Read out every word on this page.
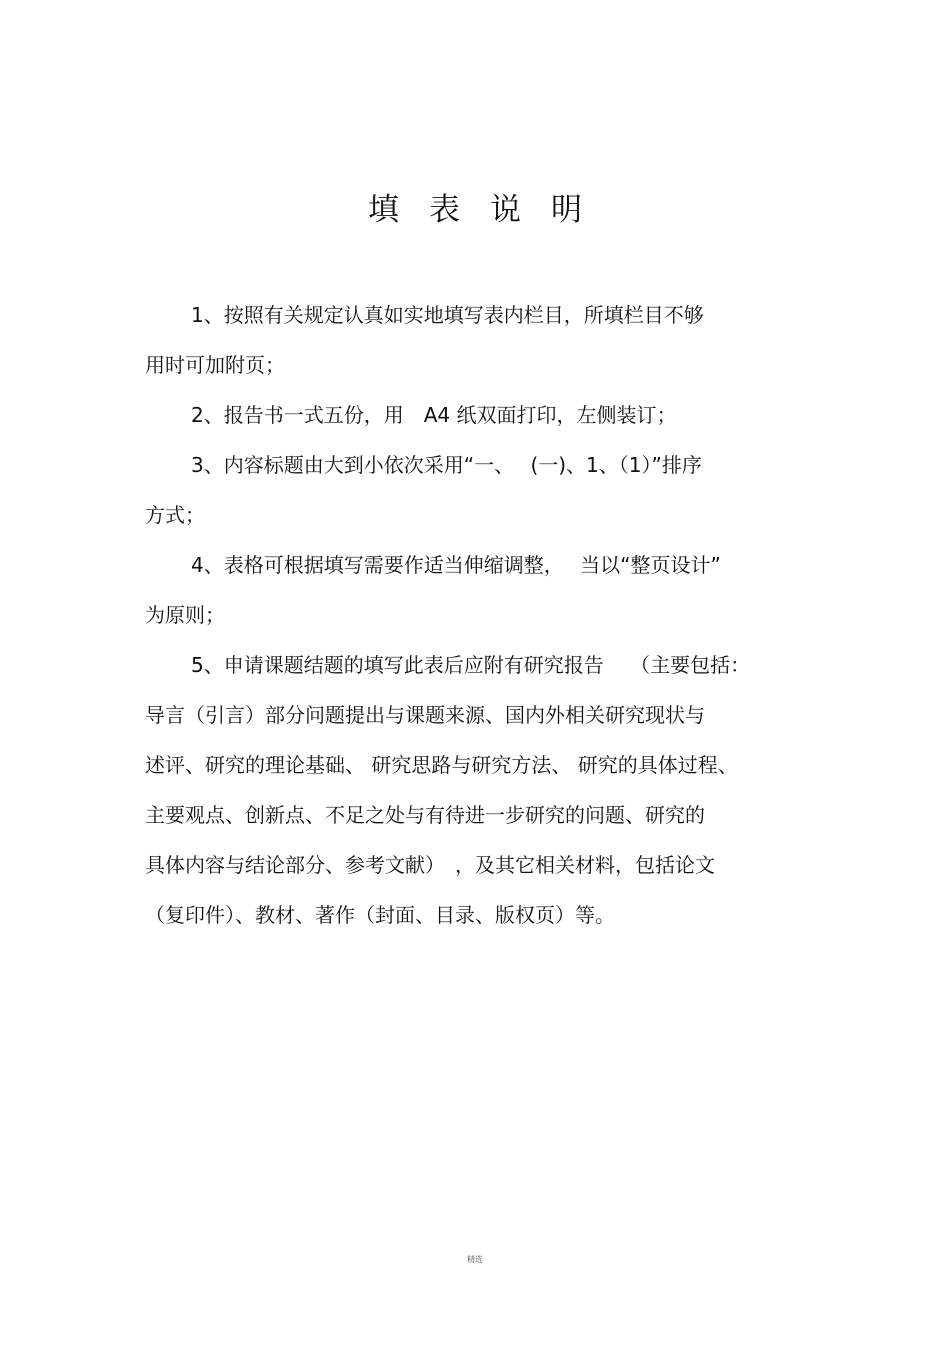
填表说明
1、按照有关规定认真如实地填写表内栏目，所填栏目不够
用时可加附页；
2、报告书一式五份，用　A4 纸双面打印，左侧装订；
3、内容标题由大到小依次采用“一、　 (一)、1、（1）”排序
方式；
4、表格可根据填写需要作适当伸缩调整，　 当以“整页设计”
为原则；
5、申请课题结题的填写此表后应附有研究报告　 （主要包括：
导言（引言）部分问题提出与课题来源、国内外相关研究现状与
述评、研究的理论基础、 研究思路与研究方法、 研究的具体过程、
主要观点、创新点、不足之处与有待进一步研究的问题、研究的
具体内容与结论部分、参考文献）　，及其它相关材料，包括论文
（复印件）、教材、著作（封面、目录、版权页）等。
精选
